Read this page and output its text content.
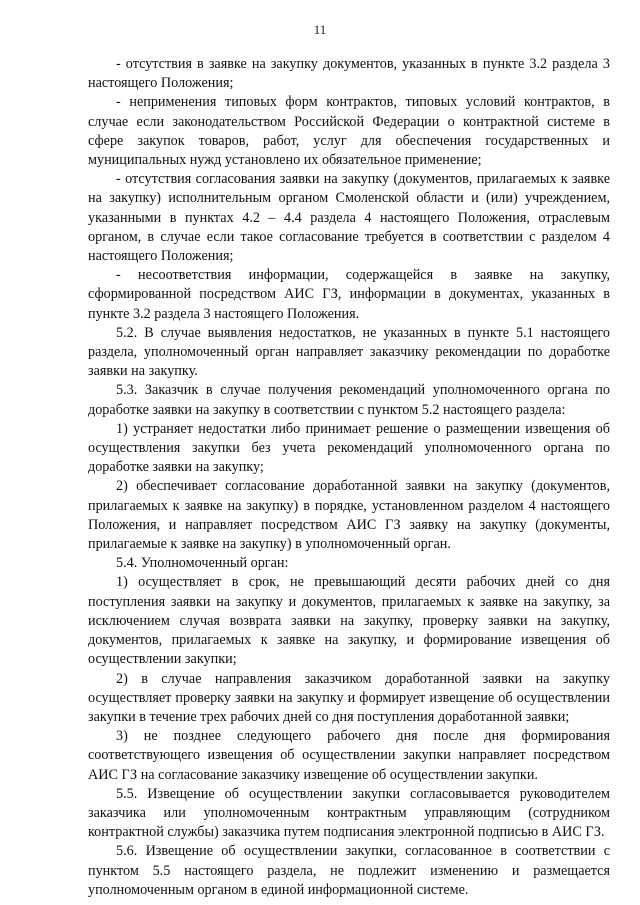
11

- отсутствия в заявке на закупку документов, указанных в пункте 3.2 раздела 3 настоящего Положения;

- неприменения типовых форм контрактов, типовых условий контрактов, в случае если законодательством Российской Федерации о контрактной системе в сфере закупок товаров, работ, услуг для обеспечения государственных и муниципальных нужд установлено их обязательное применение;

- отсутствия согласования заявки на закупку (документов, прилагаемых к заявке на закупку) исполнительным органом Смоленской области и (или) учреждением, указанными в пунктах 4.2 – 4.4 раздела 4 настоящего Положения, отраслевым органом, в случае если такое согласование требуется в соответствии с разделом 4 настоящего Положения;

- несоответствия информации, содержащейся в заявке на закупку, сформированной посредством АИС ГЗ, информации в документах, указанных в пункте 3.2 раздела 3 настоящего Положения.

5.2. В случае выявления недостатков, не указанных в пункте 5.1 настоящего раздела, уполномоченный орган направляет заказчику рекомендации по доработке заявки на закупку.

5.3. Заказчик в случае получения рекомендаций уполномоченного органа по доработке заявки на закупку в соответствии с пунктом 5.2 настоящего раздела:

1) устраняет недостатки либо принимает решение о размещении извещения об осуществления закупки без учета рекомендаций уполномоченного органа по доработке заявки на закупку;

2) обеспечивает согласование доработанной заявки на закупку (документов, прилагаемых к заявке на закупку) в порядке, установленном разделом 4 настоящего Положения, и направляет посредством АИС ГЗ заявку на закупку (документы, прилагаемые к заявке на закупку) в уполномоченный орган.

5.4. Уполномоченный орган:

1) осуществляет в срок, не превышающий десяти рабочих дней со дня поступления заявки на закупку и документов, прилагаемых к заявке на закупку, за исключением случая возврата заявки на закупку, проверку заявки на закупку, документов, прилагаемых к заявке на закупку, и формирование извещения об осуществлении закупки;

2) в случае направления заказчиком доработанной заявки на закупку осуществляет проверку заявки на закупку и формирует извещение об осуществлении закупки в течение трех рабочих дней со дня поступления доработанной заявки;

3) не позднее следующего рабочего дня после дня формирования соответствующего извещения об осуществлении закупки направляет посредством АИС ГЗ на согласование заказчику извещение об осуществлении закупки.

5.5. Извещение об осуществлении закупки согласовывается руководителем заказчика или уполномоченным контрактным управляющим (сотрудником контрактной службы) заказчика путем подписания электронной подписью в АИС ГЗ.

5.6. Извещение об осуществлении закупки, согласованное в соответствии с пунктом 5.5 настоящего раздела, не подлежит изменению и размещается уполномоченным органом в единой информационной системе.
